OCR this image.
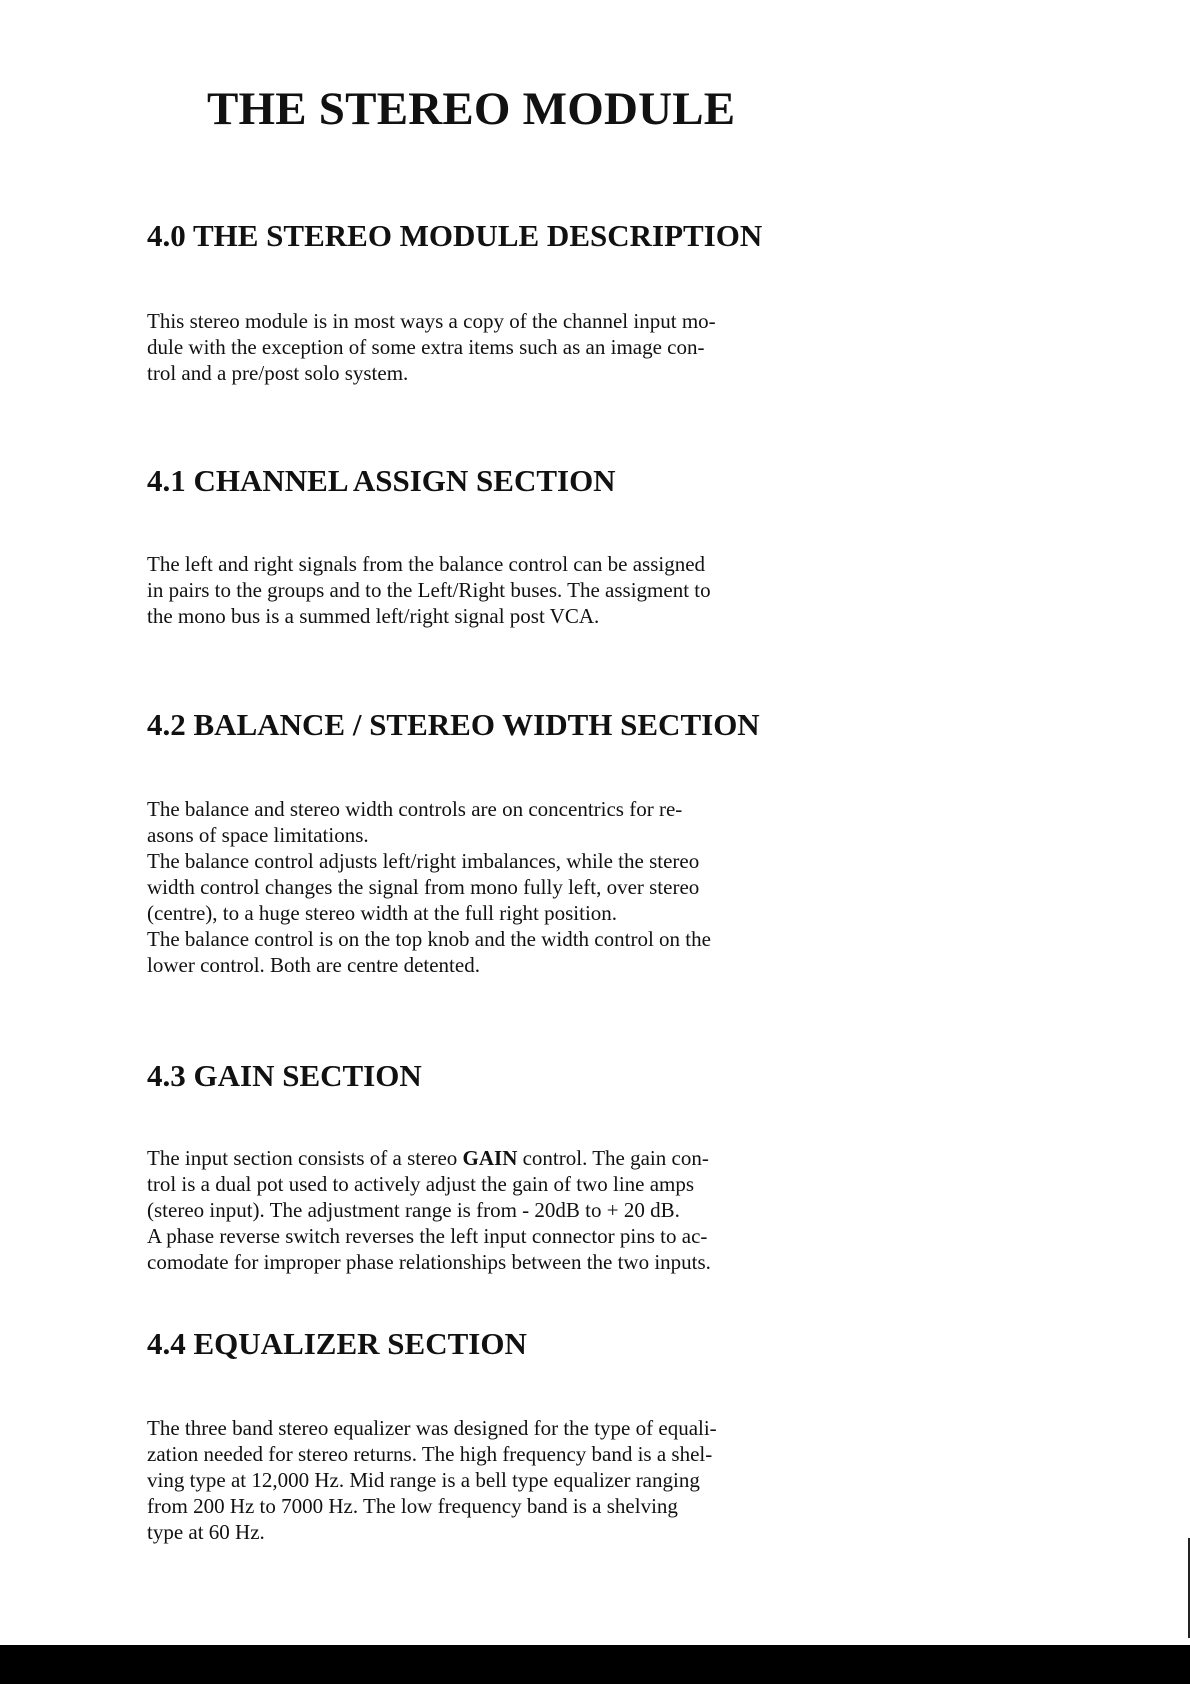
THE STEREO MODULE
4.0 THE STEREO MODULE DESCRIPTION
This stereo module is in most ways a copy of the channel input mo-
dule with the exception of some extra items such as an image con-
trol and a pre/post solo system.
4.1 CHANNEL ASSIGN SECTION
The left and right signals from the balance control can be assigned
in pairs to the groups and to the Left/Right buses. The assigment to
the mono bus is a summed left/right signal post VCA.
4.2 BALANCE / STEREO WIDTH SECTION
The balance and stereo width controls are on concentrics for re-
asons of space limitations.
The balance control adjusts left/right imbalances, while the stereo
width control changes the signal from mono fully left, over stereo
(centre), to a huge stereo width at the full right position.
The balance control is on the top knob and the width control on the
lower control. Both are centre detented.
4.3 GAIN SECTION
The input section consists of a stereo GAIN control. The gain con-
trol is a dual pot used to actively adjust the gain of two line amps
(stereo input). The adjustment range is from - 20dB to + 20 dB.
A phase reverse switch reverses the left input connector pins to ac-
comodate for improper phase relationships between the two inputs.
4.4 EQUALIZER SECTION
The three band stereo equalizer was designed for the type of equali-
zation needed for stereo returns. The high frequency band is a shel-
ving type at 12,000 Hz. Mid range is a bell type equalizer ranging
from 200 Hz to 7000 Hz. The low frequency band is a shelving
type at 60 Hz.
